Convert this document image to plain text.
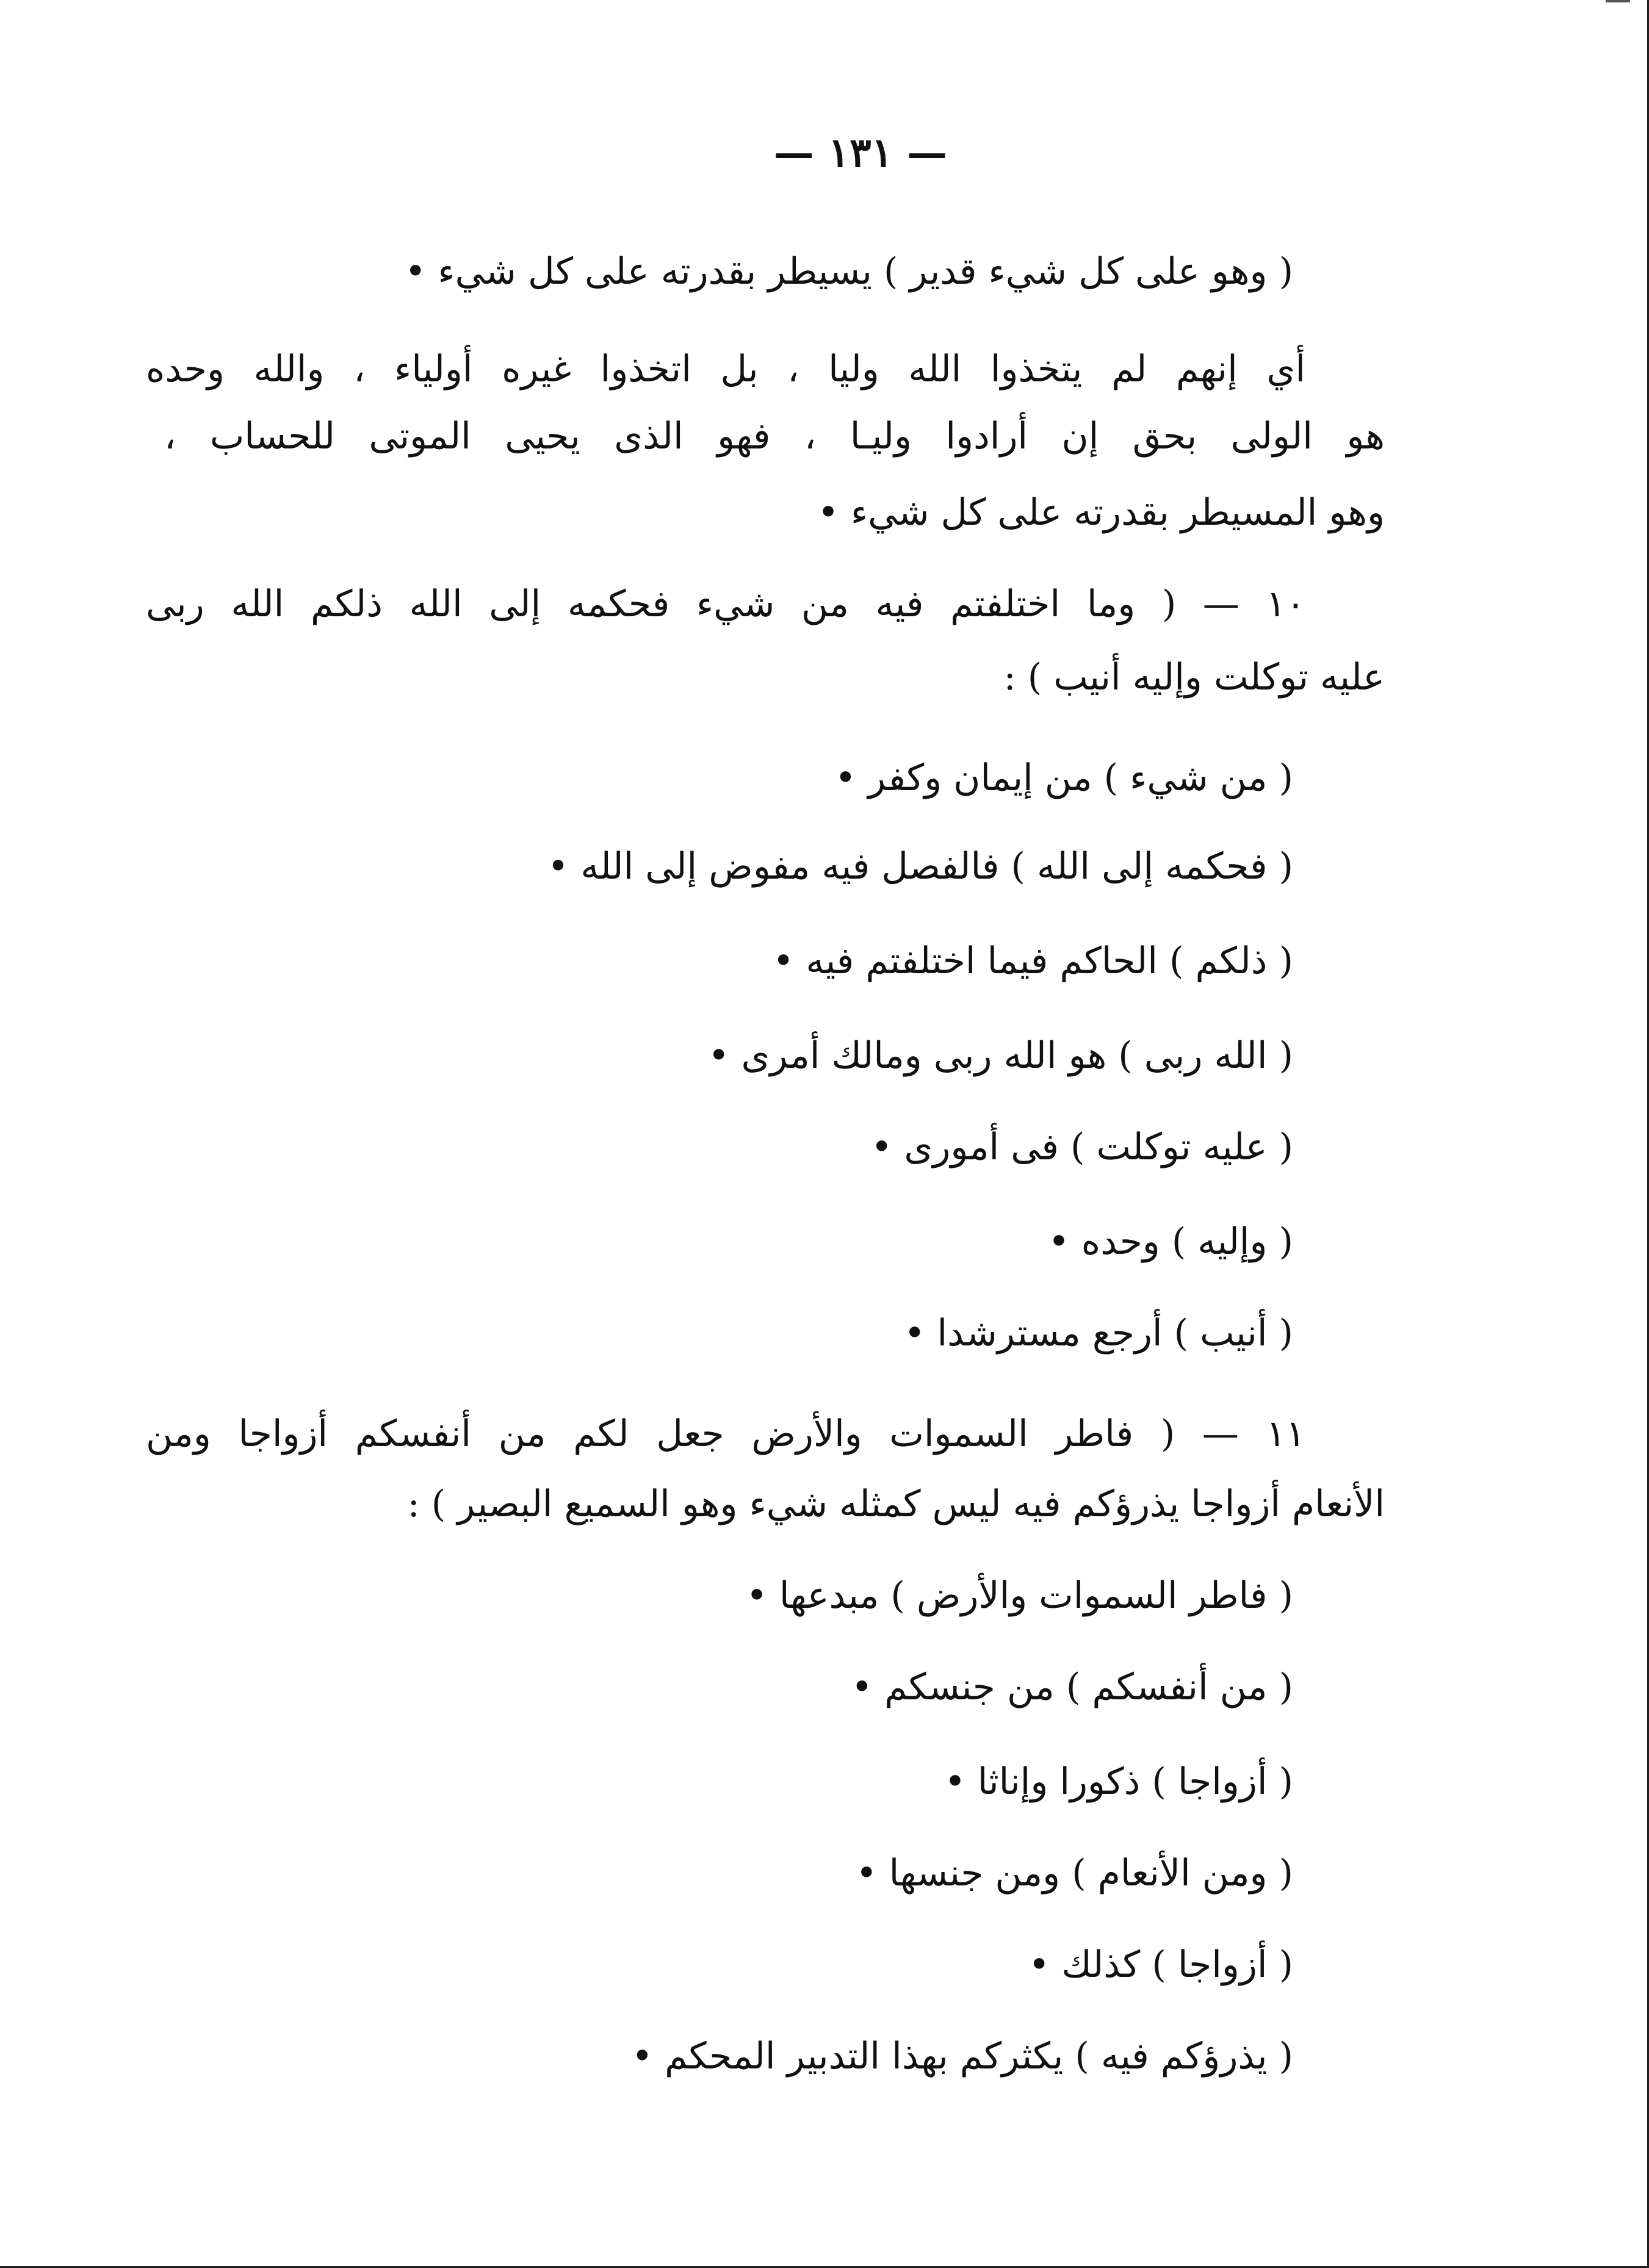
— ١٣١ —
( وهو على كل شيء قدير ) يسيطر بقدرته على كل شيء •
أي إنهم لم يتخذوا الله وليا ، بل اتخذوا غيره أولياء ، والله وحده
هو الولى بحق إن أرادوا وليـا ، فهو الذى يحيى الموتى للحساب ،
وهو المسيطر بقدرته على كل شيء •
١٠ — ( وما اختلفتم فيه من شيء فحكمه إلى الله ذلكم الله ربى
عليه توكلت وإليه أنيب ) :
( من شيء ) من إيمان وكفر •
( فحكمه إلى الله ) فالفصل فيه مفوض إلى الله •
( ذلكم ) الحاكم فيما اختلفتم فيه •
( الله ربى ) هو الله ربى ومالك أمرى •
( عليه توكلت ) فى أمورى •
( وإليه ) وحده •
( أنيب ) أرجع مسترشدا •
١١ — ( فاطر السموات والأرض جعل لكم من أنفسكم أزواجا ومن
الأنعام أزواجا يذرؤكم فيه ليس كمثله شيء وهو السميع البصير ) :
( فاطر السموات والأرض ) مبدعها •
( من أنفسكم ) من جنسكم •
( أزواجا ) ذكورا وإناثا •
( ومن الأنعام ) ومن جنسها •
( أزواجا ) كذلك •
( يذرؤكم فيه ) يكثركم بهذا التدبير المحكم •
